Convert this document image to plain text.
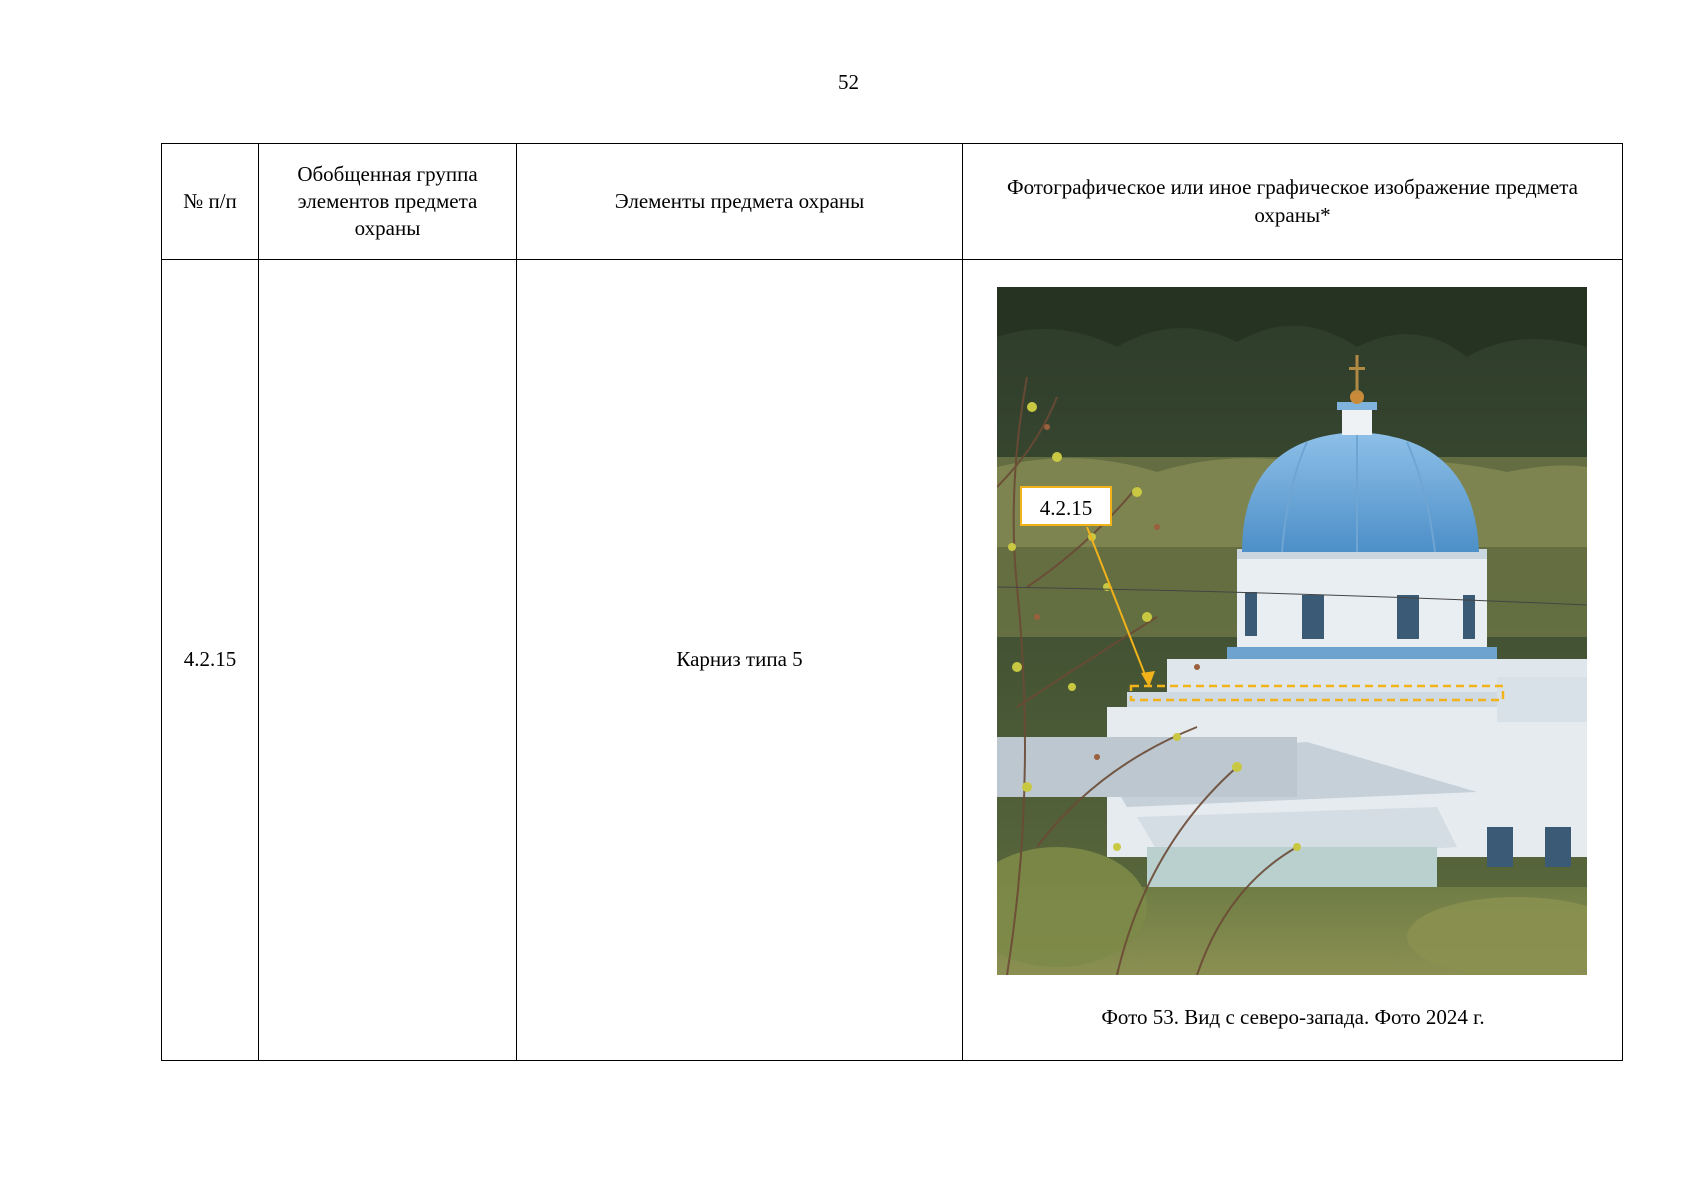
52
№ п/п	Обобщенная группа элементов предмета охраны	Элементы предмета охраны	Фотографическое или иное графическое изображение предмета охраны*
4.2.15		Карниз типа 5	4.2.15
Фото 53. Вид с северо-запада. Фото 2024 г.
